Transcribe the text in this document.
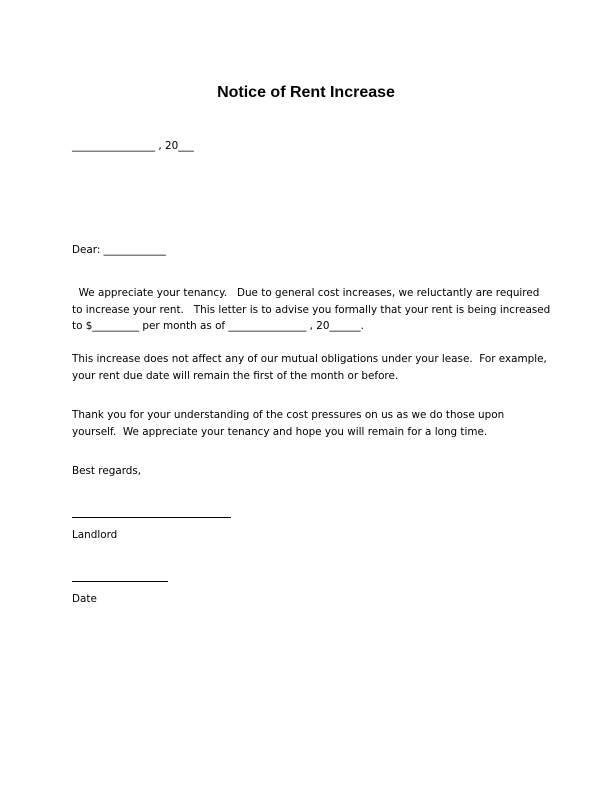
Notice of Rent Increase

________________ , 20___

Dear: ____________

We appreciate your tenancy.   Due to general cost increases, we reluctantly are required
to increase your rent.   This letter is to advise you formally that your rent is being increased
to $_________ per month as of _______________ , 20______.
This increase does not affect any of our mutual obligations under your lease.  For example,
your rent due date will remain the first of the month or before.
Thank you for your understanding of the cost pressures on us as we do those upon
yourself.  We appreciate your tenancy and hope you will remain for a long time.

Best regards,

Landlord

Date
